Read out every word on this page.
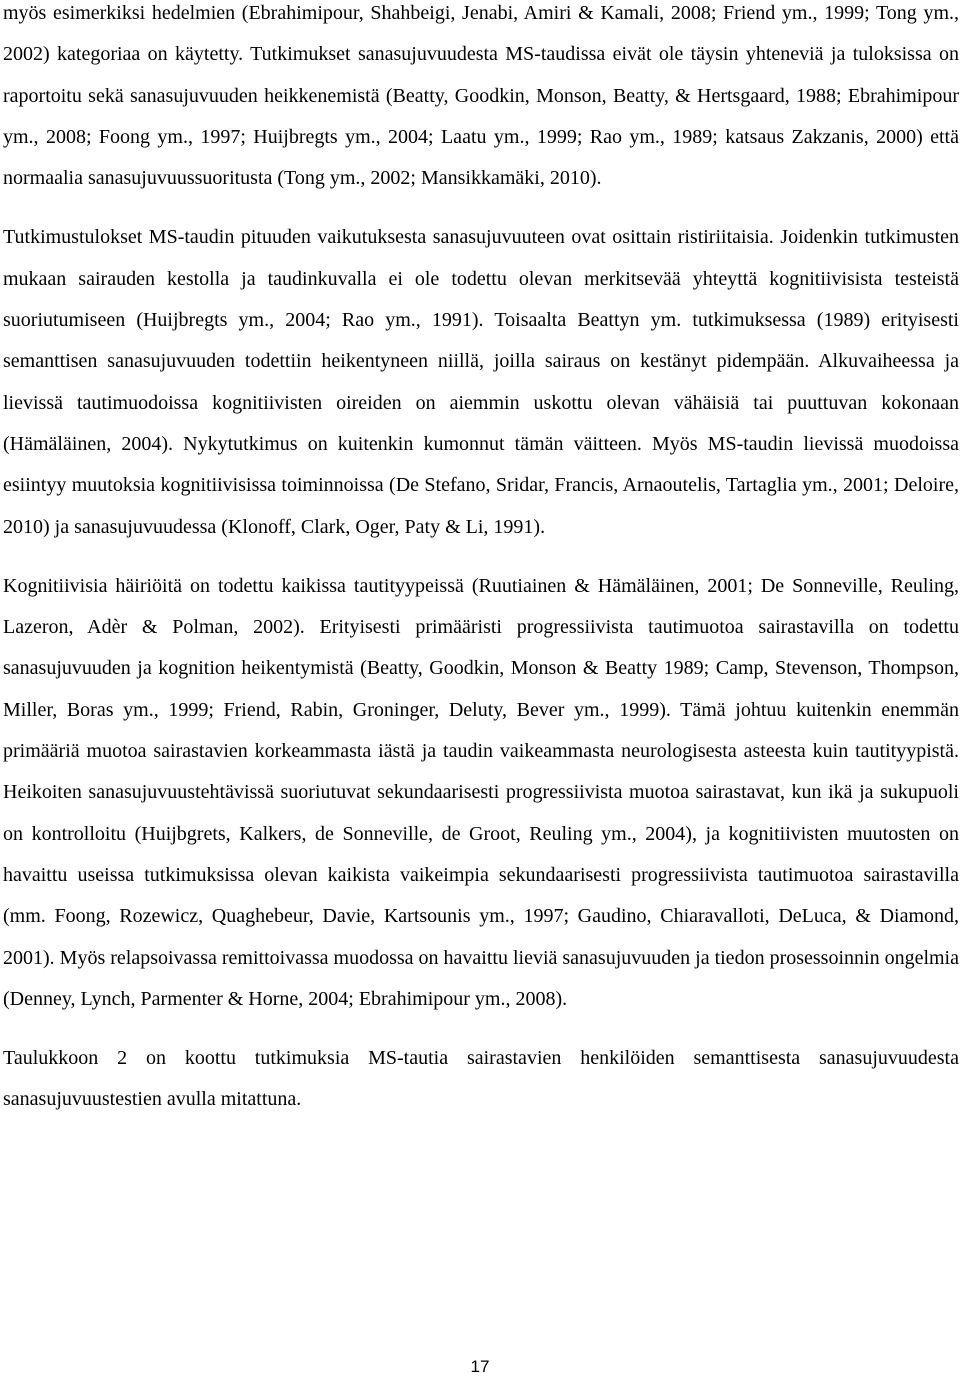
myös esimerkiksi hedelmien (Ebrahimipour, Shahbeigi, Jenabi, Amiri & Kamali, 2008; Friend ym., 1999; Tong ym., 2002) kategoriaa on käytetty. Tutkimukset sanasujuvuudesta MS-taudissa eivät ole täysin yhteneviä ja tuloksissa on raportoitu sekä sanasujuvuuden heikkenemistä (Beatty, Goodkin, Monson, Beatty, & Hertsgaard, 1988; Ebrahimipour ym., 2008; Foong ym., 1997; Huijbregts ym., 2004; Laatu ym., 1999; Rao ym., 1989; katsaus Zakzanis, 2000) että normaalia sanasujuvuussuoritusta (Tong ym., 2002; Mansikkamäki, 2010).

Tutkimustulokset MS-taudin pituuden vaikutuksesta sanasujuvuuteen ovat osittain ristiriitaisia. Joidenkin tutkimusten mukaan sairauden kestolla ja taudinkuvalla ei ole todettu olevan merkitsevää yhteyttä kognitiivisista testeistä suoriutumiseen (Huijbregts ym., 2004; Rao ym., 1991). Toisaalta Beattyn ym. tutkimuksessa (1989) erityisesti semanttisen sanasujuvuuden todettiin heikentyneen niillä, joilla sairaus on kestänyt pidempään. Alkuvaiheessa ja lievissä tautimuodoissa kognitiivisten oireiden on aiemmin uskottu olevan vähäisiä tai puuttuvan kokonaan (Hämäläinen, 2004). Nykytutkimus on kuitenkin kumonnut tämän väitteen. Myös MS-taudin lievissä muodoissa esiintyy muutoksia kognitiivisissa toiminnoissa (De Stefano, Sridar, Francis, Arnaoutelis, Tartaglia ym., 2001; Deloire, 2010) ja sanasujuvuudessa (Klonoff, Clark, Oger, Paty & Li, 1991).

Kognitiivisia häiriöitä on todettu kaikissa tautityypeissä (Ruutiainen & Hämäläinen, 2001; De Sonneville, Reuling, Lazeron, Adèr & Polman, 2002). Erityisesti primääristi progressiivista tautimuotoa sairastavilla on todettu sanasujuvuuden ja kognition heikentymistä (Beatty, Goodkin, Monson & Beatty 1989; Camp, Stevenson, Thompson, Miller, Boras ym., 1999; Friend, Rabin, Groninger, Deluty, Bever ym., 1999). Tämä johtuu kuitenkin enemmän primääriä muotoa sairastavien korkeammasta iästä ja taudin vaikeammasta neurologisesta asteesta kuin tautityypistä. Heikoiten sanasujuvuustehtävissä suoriutuvat sekundaarisesti progressiivista muotoa sairastavat, kun ikä ja sukupuoli on kontrolloitu (Huijbgrets, Kalkers, de Sonneville, de Groot, Reuling ym., 2004), ja kognitiivisten muutosten on havaittu useissa tutkimuksissa olevan kaikista vaikeimpia sekundaarisesti progressiivista tautimuotoa sairastavilla (mm. Foong, Rozewicz, Quaghebeur, Davie, Kartsounis ym., 1997; Gaudino, Chiaravalloti, DeLuca, & Diamond, 2001). Myös relapsoivassa remittoivassa muodossa on havaittu lieviä sanasujuvuuden ja tiedon prosessoinnin ongelmia (Denney, Lynch, Parmenter & Horne, 2004; Ebrahimipour ym., 2008).

Taulukkoon 2 on koottu tutkimuksia MS-tautia sairastavien henkilöiden semanttisesta sanasujuvuudesta sanasujuvuustestien avulla mitattuna.

17
